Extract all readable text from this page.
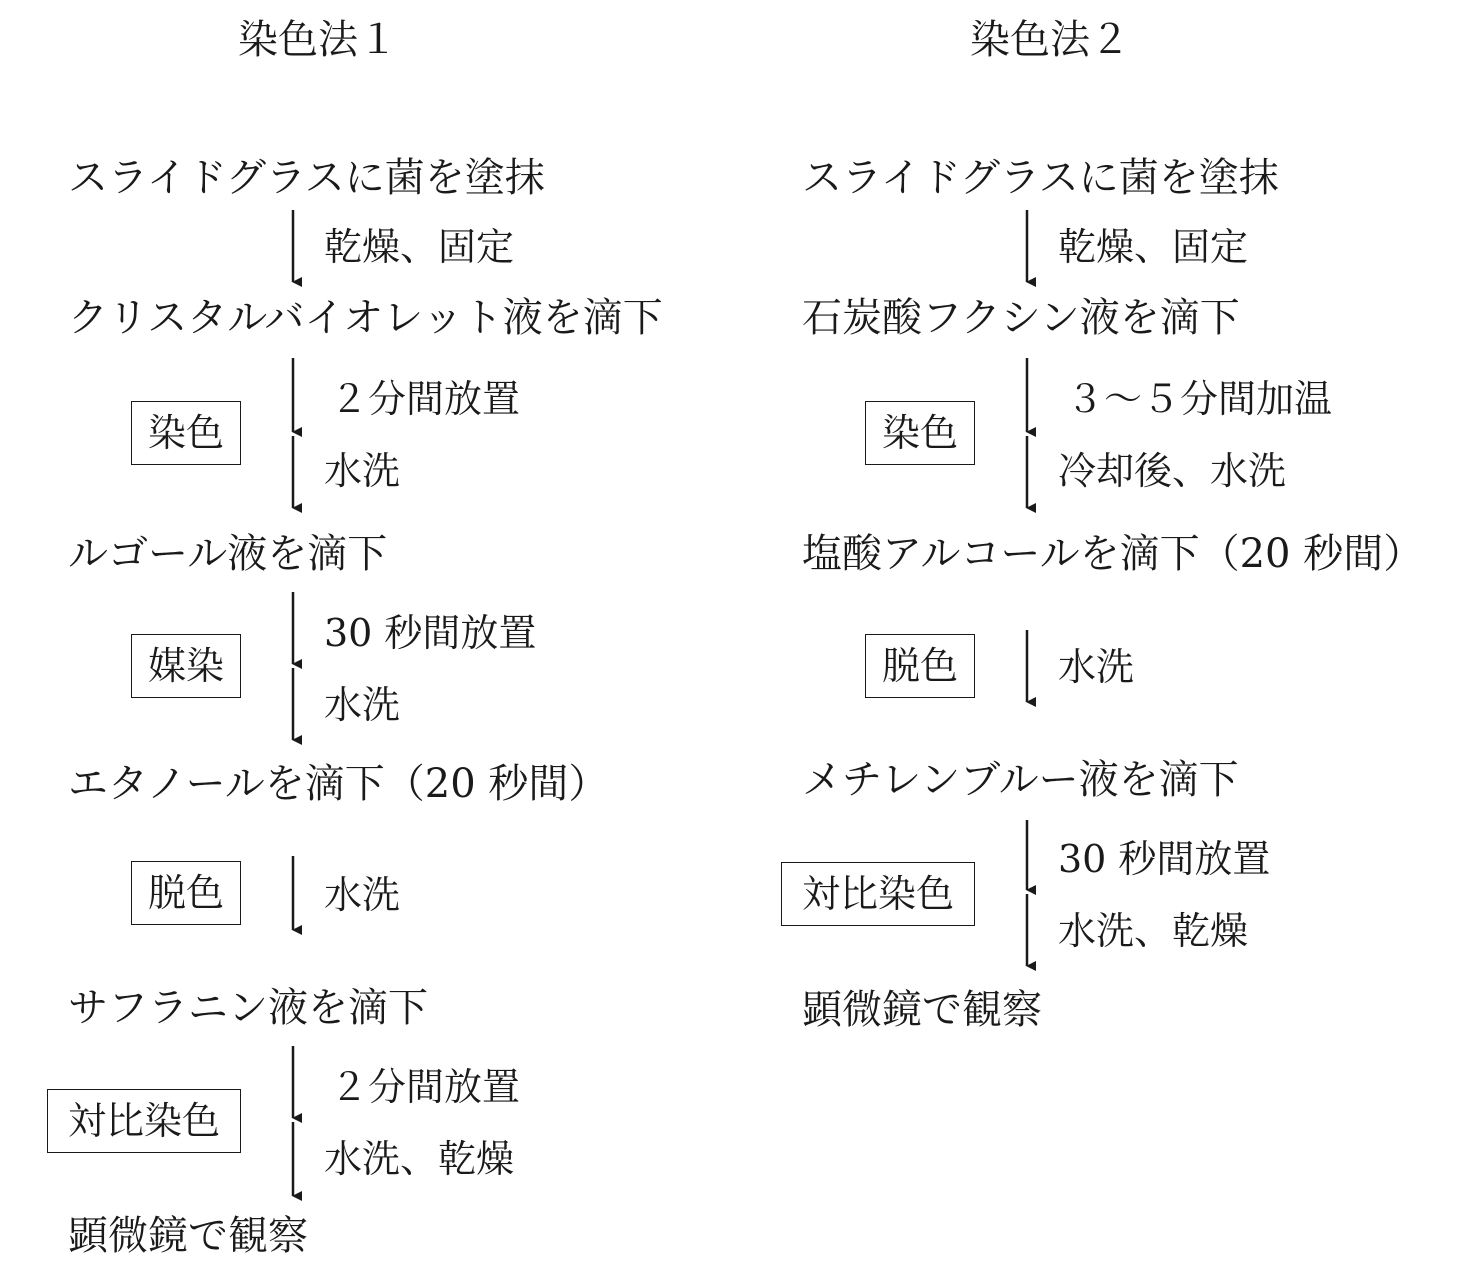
染色法１	染色法２
スライドグラスに菌を塗抹
クリスタルバイオレット液を滴下
ルゴール液を滴下
エタノールを滴下（20 秒間）
サフラニン液を滴下
顕微鏡で観察
乾燥、固定
２分間放置
水洗
30 秒間放置
水洗
水洗
２分間放置
水洗、乾燥
染色
媒染
脱色
対比染色
スライドグラスに菌を塗抹
石炭酸フクシン液を滴下
塩酸アルコールを滴下（20 秒間）
メチレンブルー液を滴下
顕微鏡で観察
乾燥、固定
３～５分間加温
冷却後、水洗
水洗
30 秒間放置
水洗、乾燥
染色
脱色
対比染色
